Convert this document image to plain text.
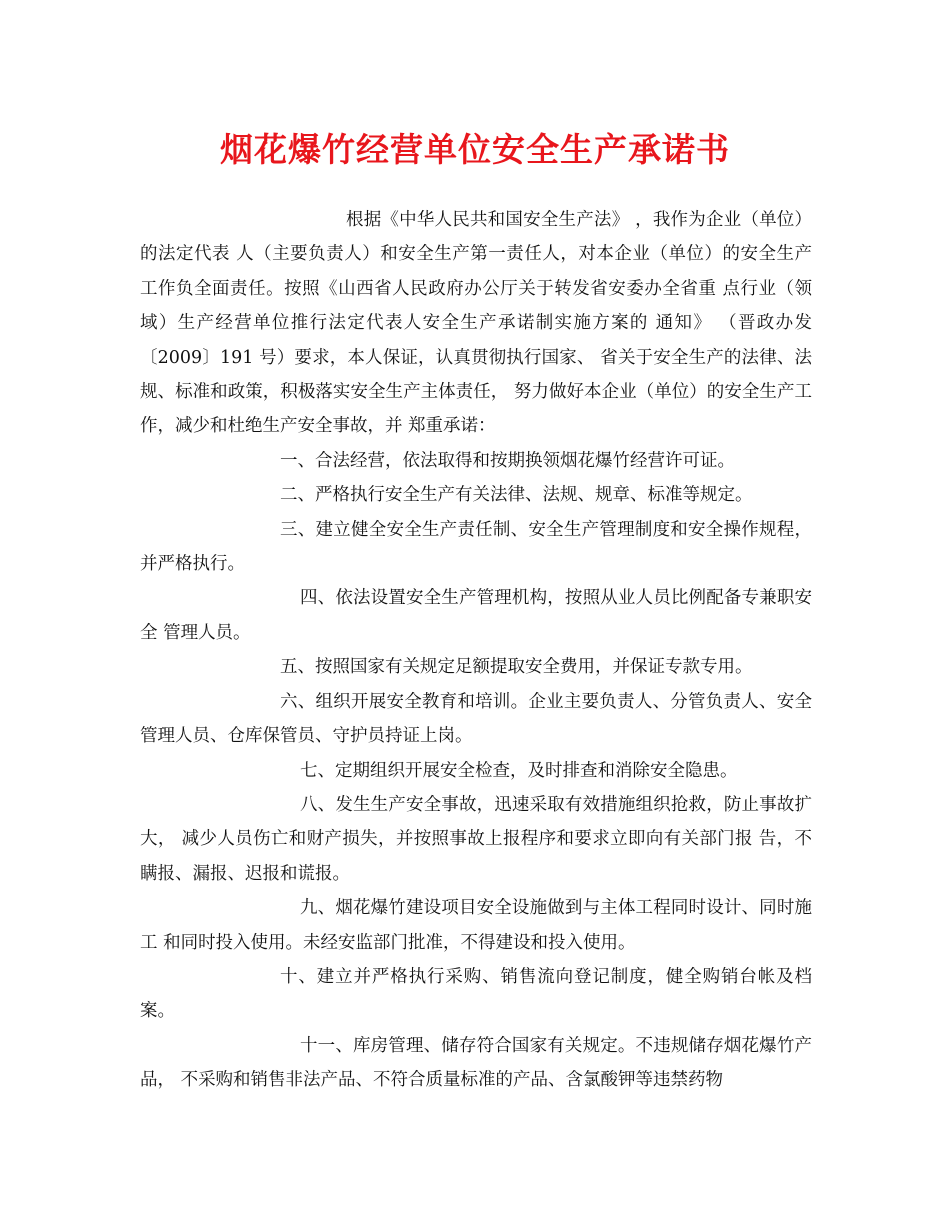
烟花爆竹经营单位安全生产承诺书

根据《中华人民共和国安全生产法》 ，我作为企业（单位）的法定代表 人（主要负责人）和安全生产第一责任人，对本企业（单位）的安全生产 工作负全面责任。按照《山西省人民政府办公厅关于转发省安委办全省重 点行业（领域）生产经营单位推行法定代表人安全生产承诺制实施方案的 通知》 （晋政办发〔2009〕191 号）要求，本人保证，认真贯彻执行国家、 省关于安全生产的法律、法规、标准和政策，积极落实安全生产主体责任， 努力做好本企业（单位）的安全生产工作，减少和杜绝生产安全事故，并 郑重承诺：

一、合法经营，依法取得和按期换领烟花爆竹经营许可证。

二、严格执行安全生产有关法律、法规、规章、标准等规定。

三、建立健全安全生产责任制、安全生产管理制度和安全操作规程， 并严格执行。

四、依法设置安全生产管理机构，按照从业人员比例配备专兼职安全 管理人员。

五、按照国家有关规定足额提取安全费用，并保证专款专用。

六、组织开展安全教育和培训。企业主要负责人、分管负责人、安全 管理人员、仓库保管员、守护员持证上岗。

七、定期组织开展安全检查，及时排查和消除安全隐患。

八、发生生产安全事故，迅速采取有效措施组织抢救，防止事故扩大， 减少人员伤亡和财产损失，并按照事故上报程序和要求立即向有关部门报 告，不瞒报、漏报、迟报和谎报。

九、烟花爆竹建设项目安全设施做到与主体工程同时设计、同时施工 和同时投入使用。未经安监部门批准，不得建设和投入使用。

十、建立并严格执行采购、销售流向登记制度，健全购销台帐及档案。

十一、库房管理、储存符合国家有关规定。不违规储存烟花爆竹产品， 不采购和销售非法产品、不符合质量标准的产品、含氯酸钾等违禁药物
